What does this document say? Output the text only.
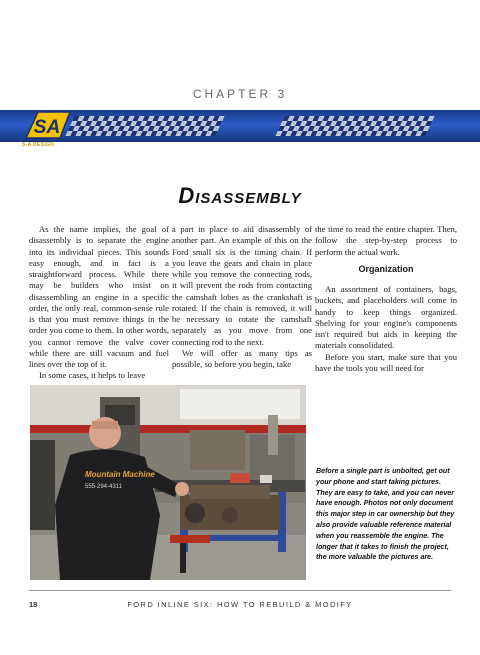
CHAPTER 3
SA
S-A DESIGN
Disassembly

As the name implies, the goal of disassembly is to separate the engine into its individual pieces. This sounds easy enough, and in fact is a straightforward process. While there may be builders who insist on disassembling an engine in a specific order, the only real, common-sense rule is that you must remove things in the order you come to them. In other words, you cannot remove the valve cover while there are still vacuum and fuel lines over the top of it.

In some cases, it helps to leave

a part in place to aid disassembly of another part. An example of this on the Ford small six is the timing chain. If you leave the gears and chain in place while you remove the connecting rods, it will prevent the rods from contacting the camshaft lobes as the crankshaft is rotated. If the chain is removed, it will be necessary to rotate the camshaft separately as you move from one connecting rod to the next.

We will offer as many tips as possible, so before you begin, take

the time to read the entire chapter. Then, follow the step-by-step process to perform the actual work.

Organization

An assortment of containers, bags, buckets, and placeholders will come in handy to keep things organized. Shelving for your engine's components isn't required but aids in keeping the materials consolidated.

Before you start, make sure that you have the tools you will need for

Mountain Machine
555-294-4311
Before a single part is unbolted, get out your phone and start taking pictures. They are easy to take, and you can never have enough. Photos not only document this major step in car ownership but they also provide valuable reference material when you reassemble the engine. The longer that it takes to finish the project, the more valuable the pictures are.
18	FORD INLINE SIX: HOW TO REBUILD & MODIFY
